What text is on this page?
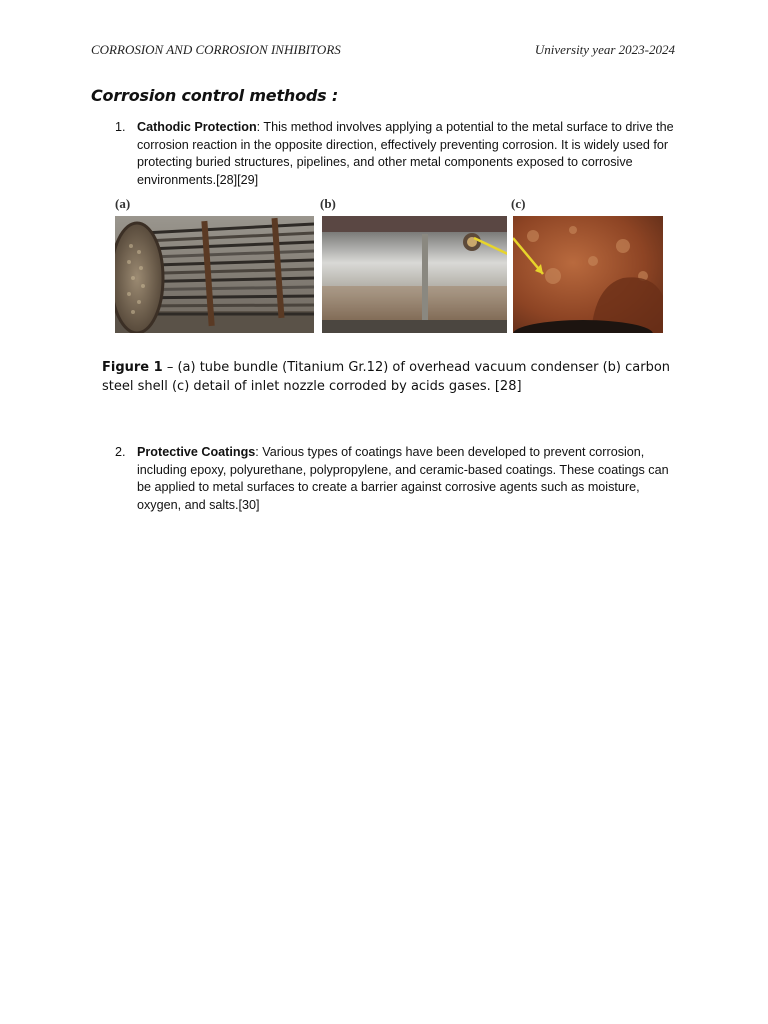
CORROSION AND CORROSION INHIBITORS	University year 2023-2024
Corrosion control methods :
1. Cathodic Protection: This method involves applying a potential to the metal surface to drive the corrosion reaction in the opposite direction, effectively preventing corrosion. It is widely used for protecting buried structures, pipelines, and other metal components exposed to corrosive environments.[28][29]
(a)	(b)	(c)
Figure 1 – (a) tube bundle (Titanium Gr.12) of overhead vacuum condenser (b) carbon steel shell (c) detail of inlet nozzle corroded by acids gases. [28]
2. Protective Coatings: Various types of coatings have been developed to prevent corrosion, including epoxy, polyurethane, polypropylene, and ceramic-based coatings. These coatings can be applied to metal surfaces to create a barrier against corrosive agents such as moisture, oxygen, and salts.[30]
